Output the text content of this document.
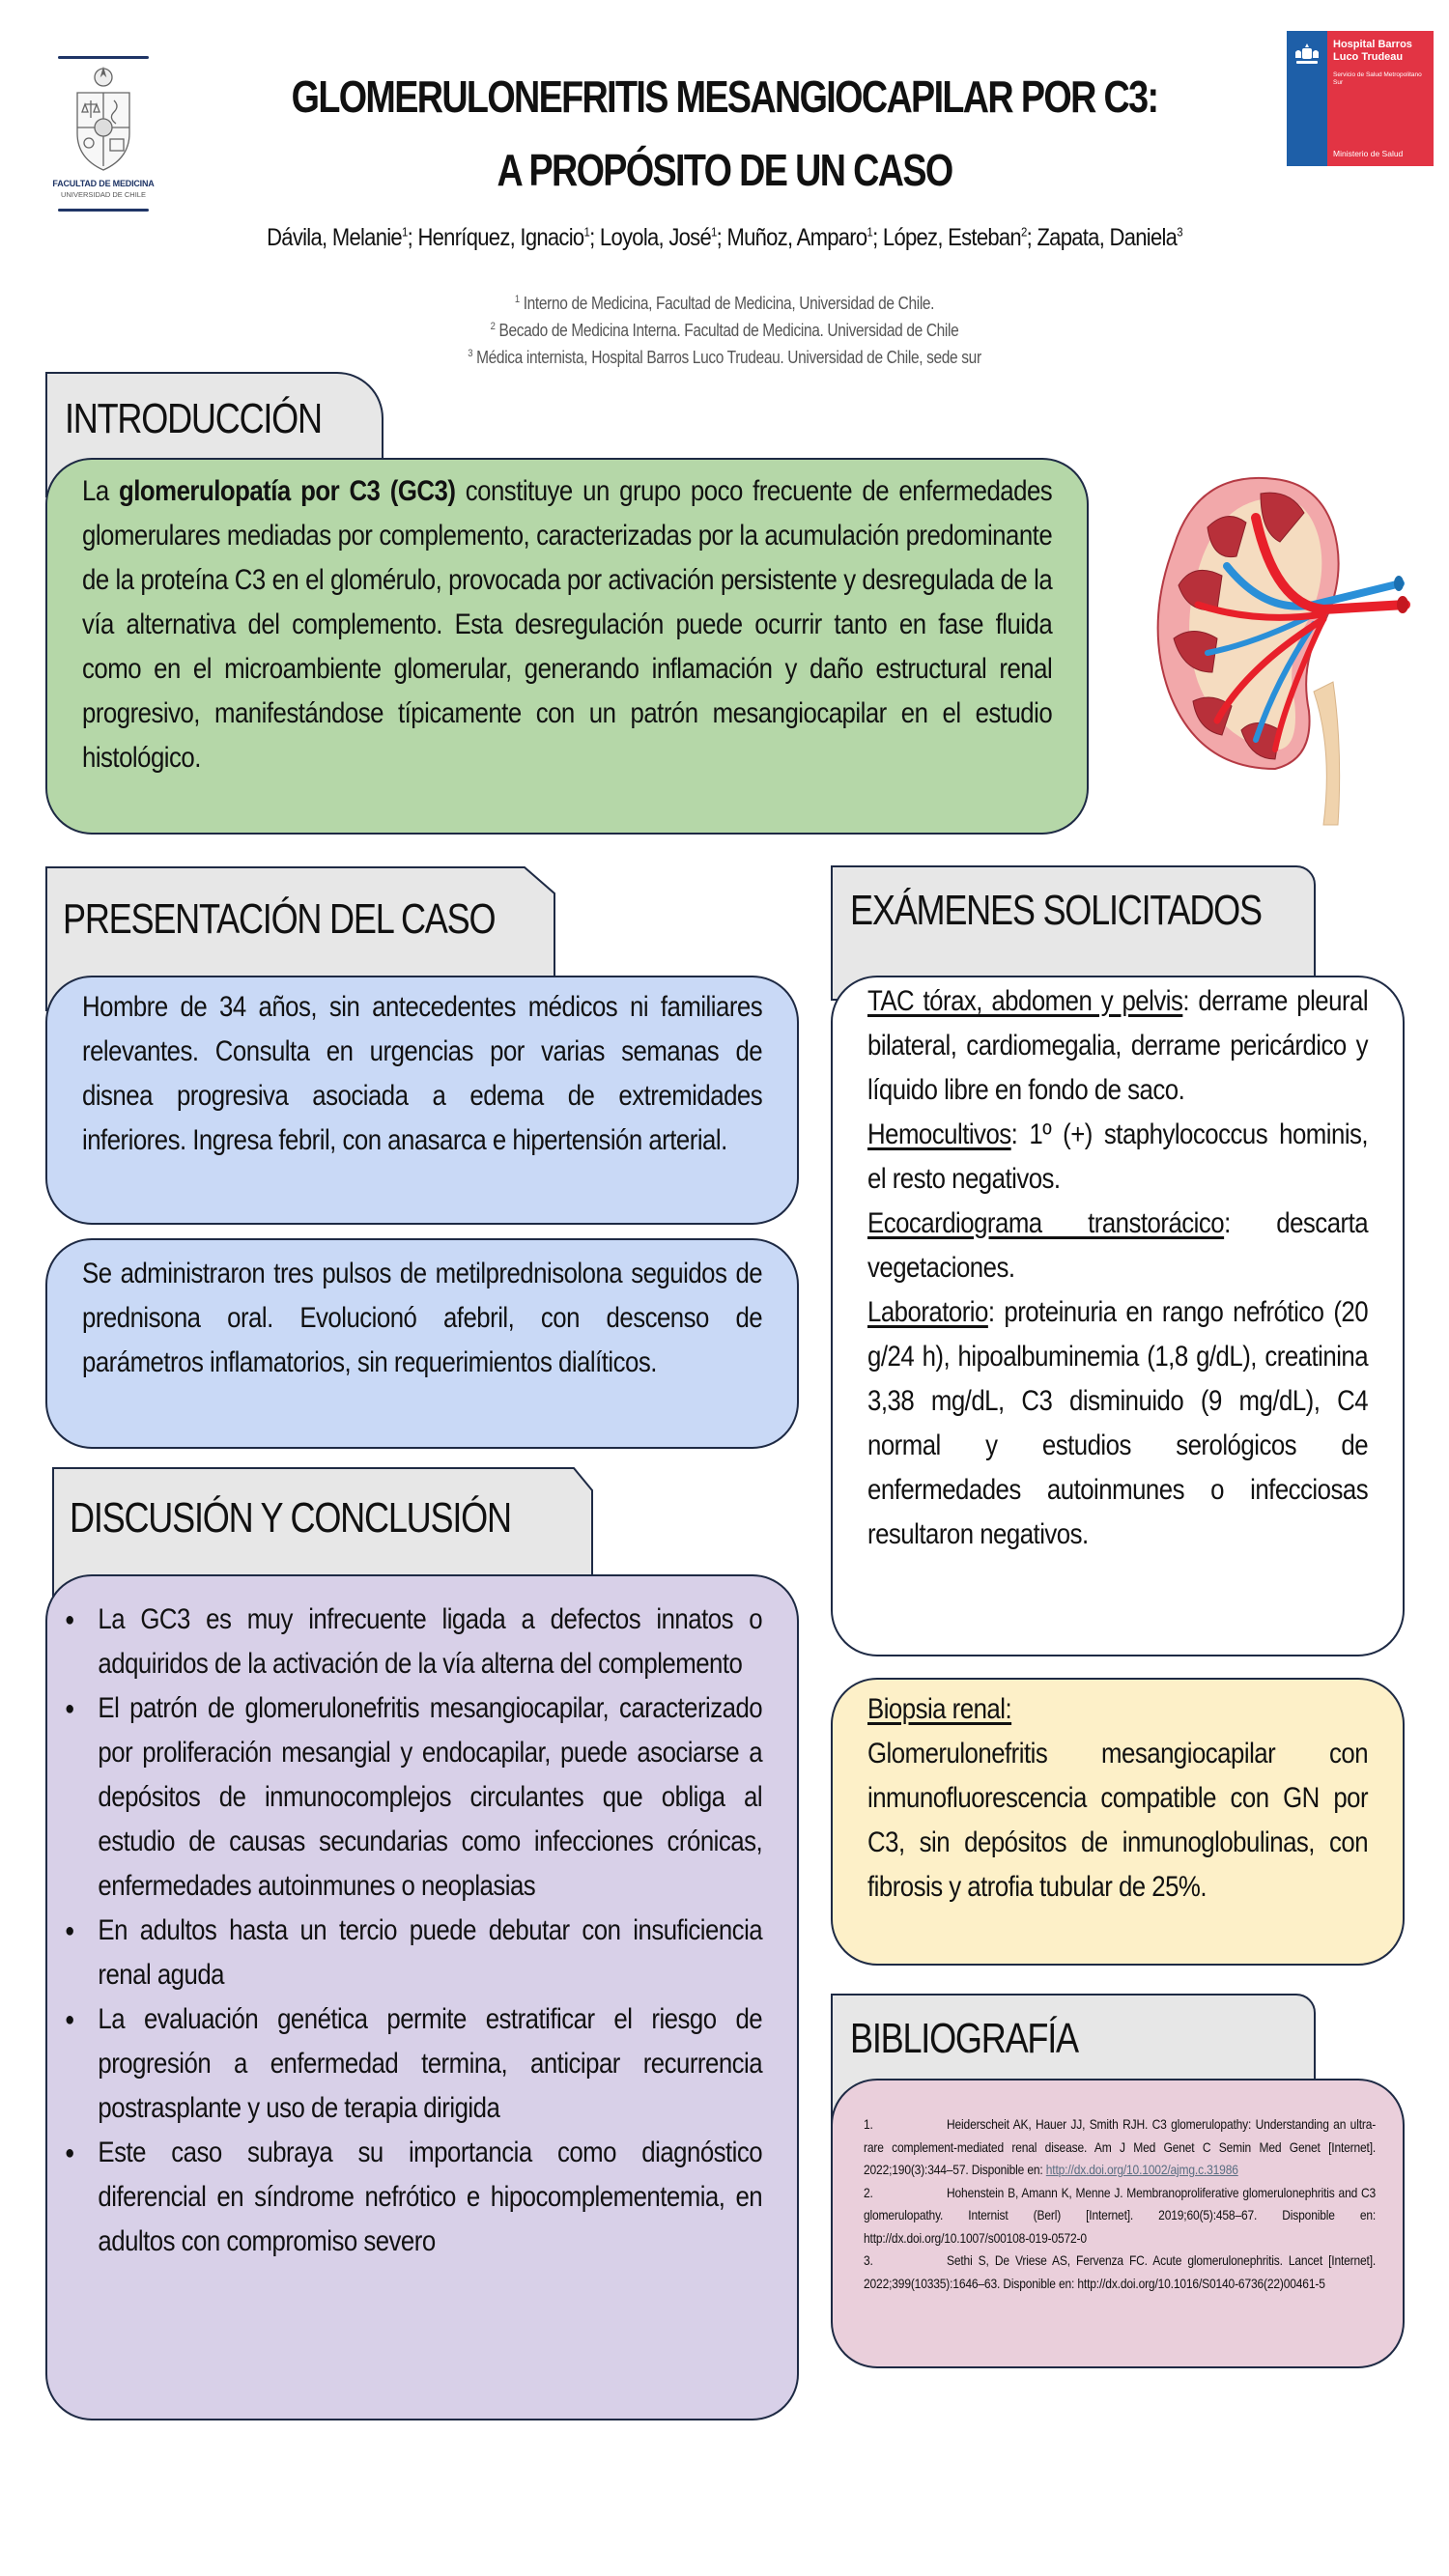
FACULTAD DE MEDICINA
UNIVERSIDAD DE CHILE
GLOMERULONEFRITIS MESANGIOCAPILAR POR C3:
A PROPÓSITO DE UN CASO
Hospital Barros Luco Trudeau
Servicio de Salud Metropolitano Sur
Ministerio de Salud
Dávila, Melanie$^1$; Henríquez, Ignacio$^1$; Loyola, José$^1$; Muñoz, Amparo$^1$; López, Esteban$^2$; Zapata, Daniela$^3$
$^1$ Interno de Medicina, Facultad de Medicina, Universidad de Chile.
$^2$ Becado de Medicina Interna. Facultad de Medicina. Universidad de Chile
$^3$ Médica internista, Hospital Barros Luco Trudeau. Universidad de Chile, sede sur
INTRODUCCIÓN

La glomerulopatía por C3 (GC3) constituye un grupo poco frecuente de enfermedades glomerulares mediadas por complemento, caracterizadas por la acumulación predominante de la proteína C3 en el glomérulo, provocada por activación persistente y desregulada de la vía alternativa del complemento. Esta desregulación puede ocurrir tanto en fase fluida como en el microambiente glomerular, generando inflamación y daño estructural renal progresivo, manifestándose típicamente con un patrón mesangiocapilar en el estudio histológico.

PRESENTACIÓN DEL CASO

Hombre de 34 años, sin antecedentes médicos ni familiares relevantes. Consulta en urgencias por varias semanas de disnea progresiva asociada a edema de extremidades inferiores. Ingresa febril, con anasarca e hipertensión arterial.

Se administraron tres pulsos de metilprednisolona seguidos de prednisona oral. Evolucionó afebril, con descenso de parámetros inflamatorios, sin requerimientos dialíticos.

DISCUSIÓN Y CONCLUSIÓN
● La GC3 es muy infrecuente ligada a defectos innatos o adquiridos de la activación de la vía alterna del complemento
● El patrón de glomerulonefritis mesangiocapilar, caracterizado por proliferación mesangial y endocapilar, puede asociarse a depósitos de inmunocomplejos circulantes que obliga al estudio de causas secundarias como infecciones crónicas, enfermedades autoinmunes o neoplasias
● En adultos hasta un tercio puede debutar con insuficiencia renal aguda
● La evaluación genética permite estratificar el riesgo de progresión a enfermedad termina, anticipar recurrencia postrasplante y uso de terapia dirigida
● Este caso subraya su importancia como diagnóstico diferencial en síndrome nefrótico e hipocomplementemia, en adultos con compromiso severo
EXÁMENES SOLICITADOS

TAC tórax, abdomen y pelvis: derrame pleural bilateral, cardiomegalia, derrame pericárdico y líquido libre en fondo de saco.

Hemocultivos: 1º (+) staphylococcus hominis, el resto negativos.

Ecocardiograma transtorácico: descarta vegetaciones.

Laboratorio: proteinuria en rango nefrótico (20 g/24 h), hipoalbuminemia (1,8 g/dL), creatinina 3,38 mg/dL, C3 disminuido (9 mg/dL), C4 normal y estudios serológicos de enfermedades autoinmunes o infecciosas resultaron negativos.

Biopsia renal:

Glomerulonefritis mesangiocapilar con inmunofluorescencia compatible con GN por C3, sin depósitos de inmunoglobulinas, con fibrosis y atrofia tubular de 25%.

BIBLIOGRAFÍA

1.	Heiderscheit AK, Hauer JJ, Smith RJH. C3 glomerulopathy: Understanding an ultra-rare complement-mediated renal disease. Am J Med Genet C Semin Med Genet [Internet]. 2022;190(3):344–57. Disponible en: http://dx.doi.org/10.1002/ajmg.c.31986

2.	Hohenstein B, Amann K, Menne J. Membranoproliferative glomerulonephritis and C3 glomerulopathy. Internist (Berl) [Internet]. 2019;60(5):458–67. Disponible en: http://dx.doi.org/10.1007/s00108-019-0572-0

3.	Sethi S, De Vriese AS, Fervenza FC. Acute glomerulonephritis. Lancet [Internet]. 2022;399(10335):1646–63. Disponible en: http://dx.doi.org/10.1016/S0140-6736(22)00461-5
